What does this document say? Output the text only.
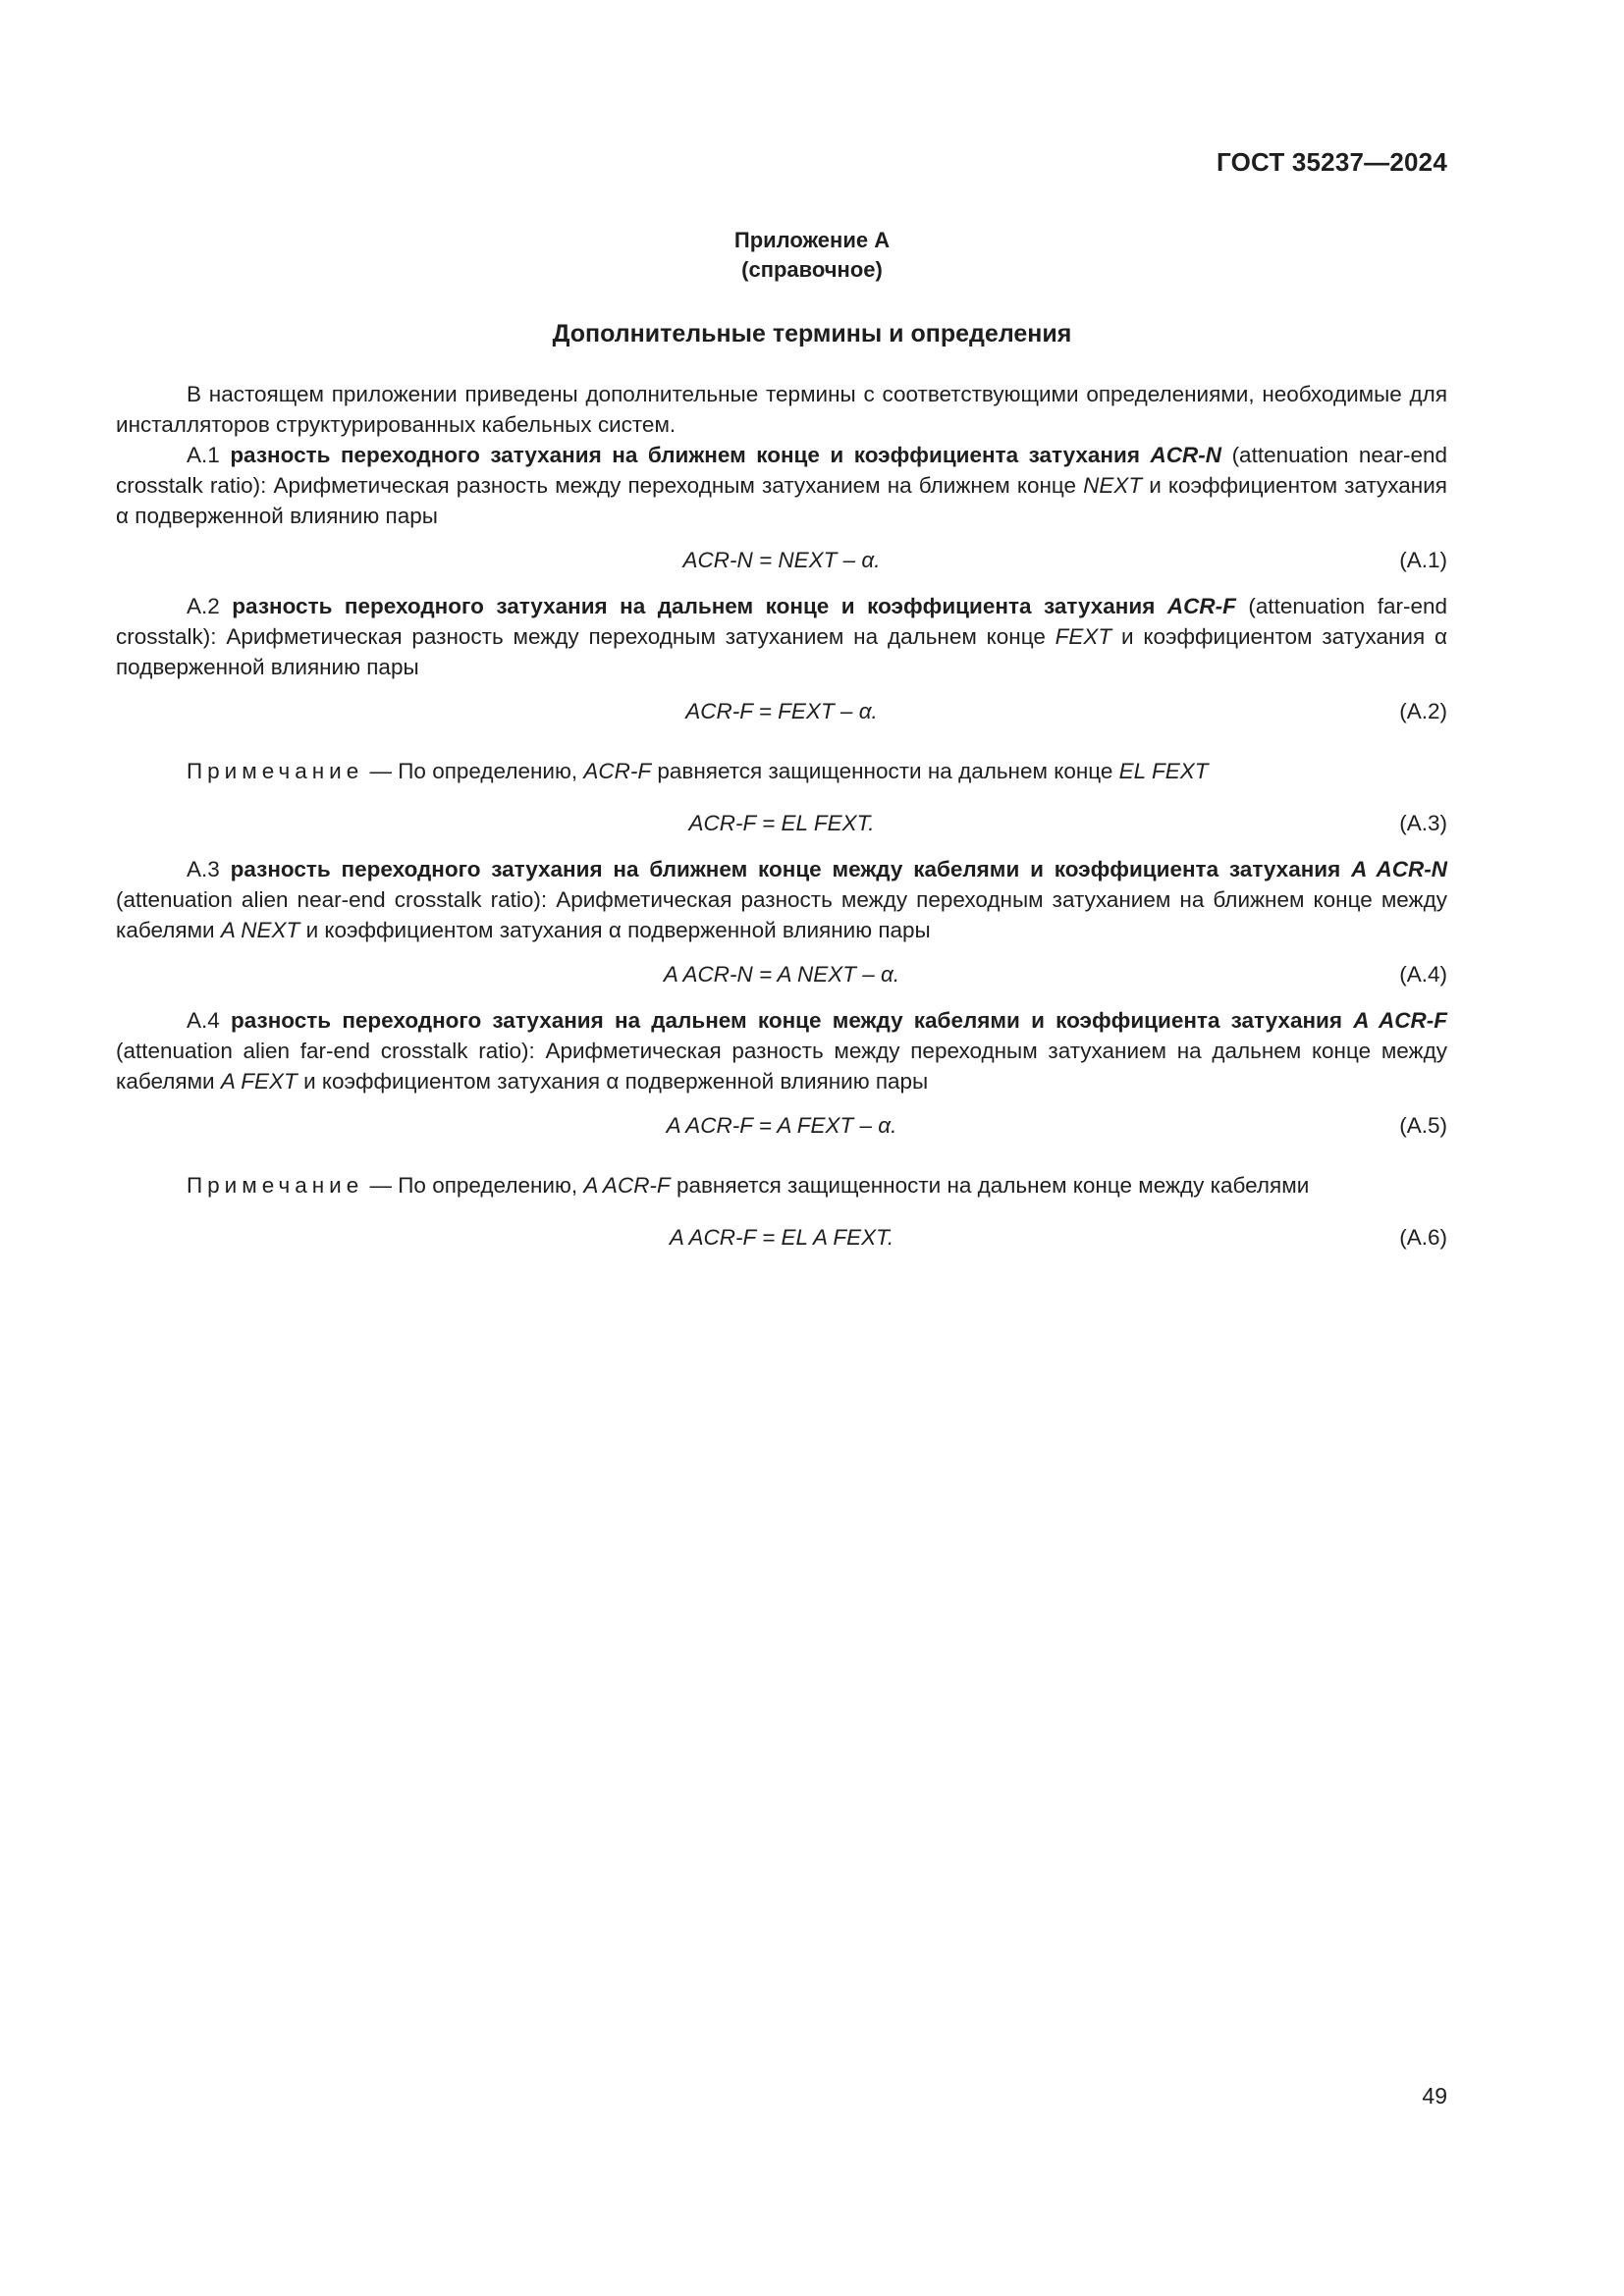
ГОСТ 35237—2024
Приложение А
(справочное)
Дополнительные термины и определения

В настоящем приложении приведены дополнительные термины с соответствующими определениями, необходимые для инсталляторов структурированных кабельных систем.

А.1 разность переходного затухания на ближнем конце и коэффициента затухания ACR-N (attenuation near-end crosstalk ratio): Арифметическая разность между переходным затуханием на ближнем конце NEXT и коэффициентом затухания α подверженной влиянию пары

ACR-N = NEXT – α.	(А.1)

А.2 разность переходного затухания на дальнем конце и коэффициента затухания ACR-F (attenuation far-end crosstalk): Арифметическая разность между переходным затуханием на дальнем конце FEXT и коэффициентом затухания α подверженной влиянию пары

ACR-F = FEXT – α.	(А.2)

Примечание — По определению, ACR-F равняется защищенности на дальнем конце EL FEXT

ACR-F = EL FEXT.	(А.3)

А.3 разность переходного затухания на ближнем конце между кабелями и коэффициента затухания A ACR-N (attenuation alien near-end crosstalk ratio): Арифметическая разность между переходным затуханием на ближнем конце между кабелями A NEXT и коэффициентом затухания α подверженной влиянию пары

A ACR-N = A NEXT – α.	(А.4)

А.4 разность переходного затухания на дальнем конце между кабелями и коэффициента затухания A ACR-F (attenuation alien far-end crosstalk ratio): Арифметическая разность между переходным затуханием на дальнем конце между кабелями A FEXT и коэффициентом затухания α подверженной влиянию пары

A ACR-F = A FEXT – α.	(А.5)

Примечание — По определению, A ACR-F равняется защищенности на дальнем конце между кабелями

A ACR-F = EL A FEXT.	(А.6)
49
